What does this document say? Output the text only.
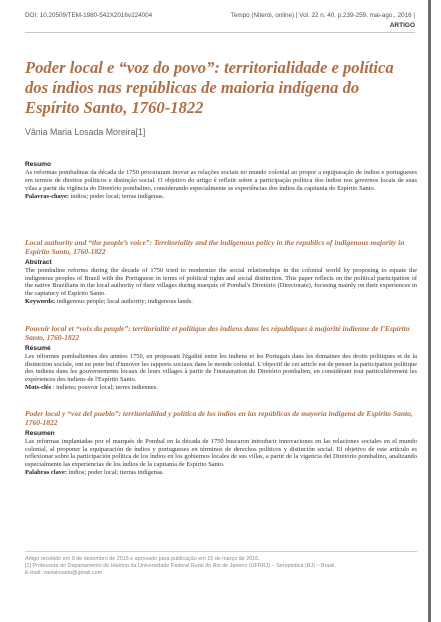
DOI: 10.20509/TEM-1980-542X2016v224004	Tempo (Niterói, online) | Vol. 22 n. 40. p.239-259, mai-ago., 2016 |
ARTIGO
Poder local e “voz do povo”: territorialidade e política dos índios nas repúblicas de maioria indígena do Espírito Santo, 1760-1822
Vânia Maria Losada Moreira[1]
Resumo

As reformas pombalinas da década de 1750 procuraram inovar as relações sociais no mundo colonial ao propor a equiparação de índios e portugueses em termos de direitos políticos e distinção social. O objetivo do artigo é refletir sobre a participação política dos índios nos governos locais de suas vilas a partir da vigência do Diretório pombalino, considerando especialmente as experiências dos índios da capitania do Espírito Santo.

Palavras-chave: índios; poder local; terras indígenas.

Local authority and “the people’s voice”: Territoriality and the indigenous policy in the republics of indigenous majority in Espírito Santo, 1760-1822
Abstract

The pombaline reforms during the decade of 1750 tried to modernize the social relationships in the colonial world by proposing to equate the indigenous peoples of Brazil with the Portuguese in terms of political rights and social distinction. This paper reflects on the political participation of the native Brazilians in the local authority of their villages during marquis of Pombal's Diretório (Directorate), focusing mainly on their experiences in the captaincy of Espírito Santo.

Keywords: indigenous people; local authority; indigenous lands.

Pouvoir local et “voix du peuple”: territorialité et politique des indiens dans les républiques à majorité indienne de l’Espírito Santo, 1760-1822
Résumé

Les réformes pombaliennes des années 1750, en proposant l'égalité entre les indiens et les Portugais dans les domaines des droits politiques et de la distinction sociale, ont eu pour but d'innover les rapports sociaux dans le monde colonial. L'objectif de cet article est de penser la participation politique des indiens dans les gouvernements locaux de leurs villages à partir de l'instauration du Diretório pombalien, en considérant tout particulièrement les expériences des indiens de l'Espírito Santo.

Mots-clés : indiens; pouvoir local; terres indiennes.

Poder local y “voz del pueblo”: territorialidad y política de los índios en las repúblicas de mayoría indígena de Espírito Santo, 1760-1822
Resumen

Las reformas implantadas por el marqués de Pombal en la década de 1750 buscaron introducir innovaciones en las relaciones sociales en el mundo colonial, al proponer la equiparación de índios y portugueses en términos de derechos políticos y distinción social. El objetivo de este artículo es reflexionar sobre la participación política de los índios en los gobiernos locales de sus villas, a partir de la vigencia del Diretório pombalino, analizando especialmente las experiencias de los índios de la capitanía de Espírito Santo.

Palabras clave: índios; poder local; tierras indígenas.

Artigo recebido em 9 de dezembro de 2015 e aprovado para publicação em 15 de março de 2016.
[1] Professora do Departamento de História da Universidade Federal Rural do Rio de Janeiro (UFRRJ) – Seropédica (RJ) – Brasil.
E-mail: vanialosada@gmail.com
